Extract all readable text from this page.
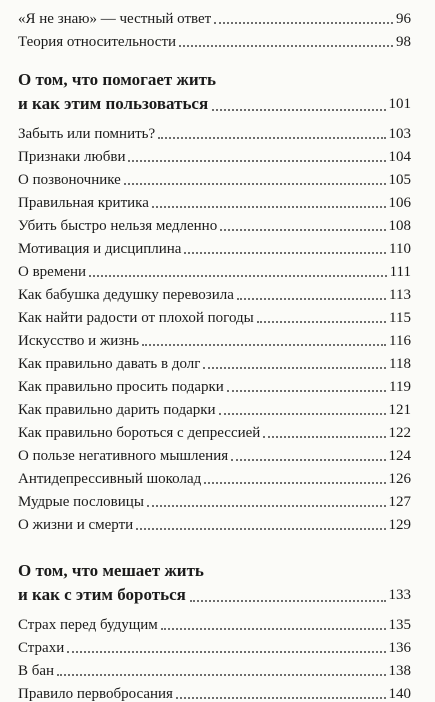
«Я не знаю» — честный ответ	96
Теория относительности	98
О том, что помогает жить
и как этим пользоваться	101
Забыть или помнить?	103
Признаки любви	104
О позвоночнике	105
Правильная критика	106
Убить быстро нельзя медленно	108
Мотивация и дисциплина	110
О времени	111
Как бабушка дедушку перевозила	113
Как найти радости от плохой погоды	115
Искусство и жизнь	116
Как правильно давать в долг	118
Как правильно просить подарки	119
Как правильно дарить подарки	121
Как правильно бороться с депрессией	122
О пользе негативного мышления	124
Антидепрессивный шоколад	126
Мудрые пословицы	127
О жизни и смерти	129
О том, что мешает жить
и как с этим бороться	133
Страх перед будущим	135
Страхи	136
В бан	138
Правило первобросания	140
